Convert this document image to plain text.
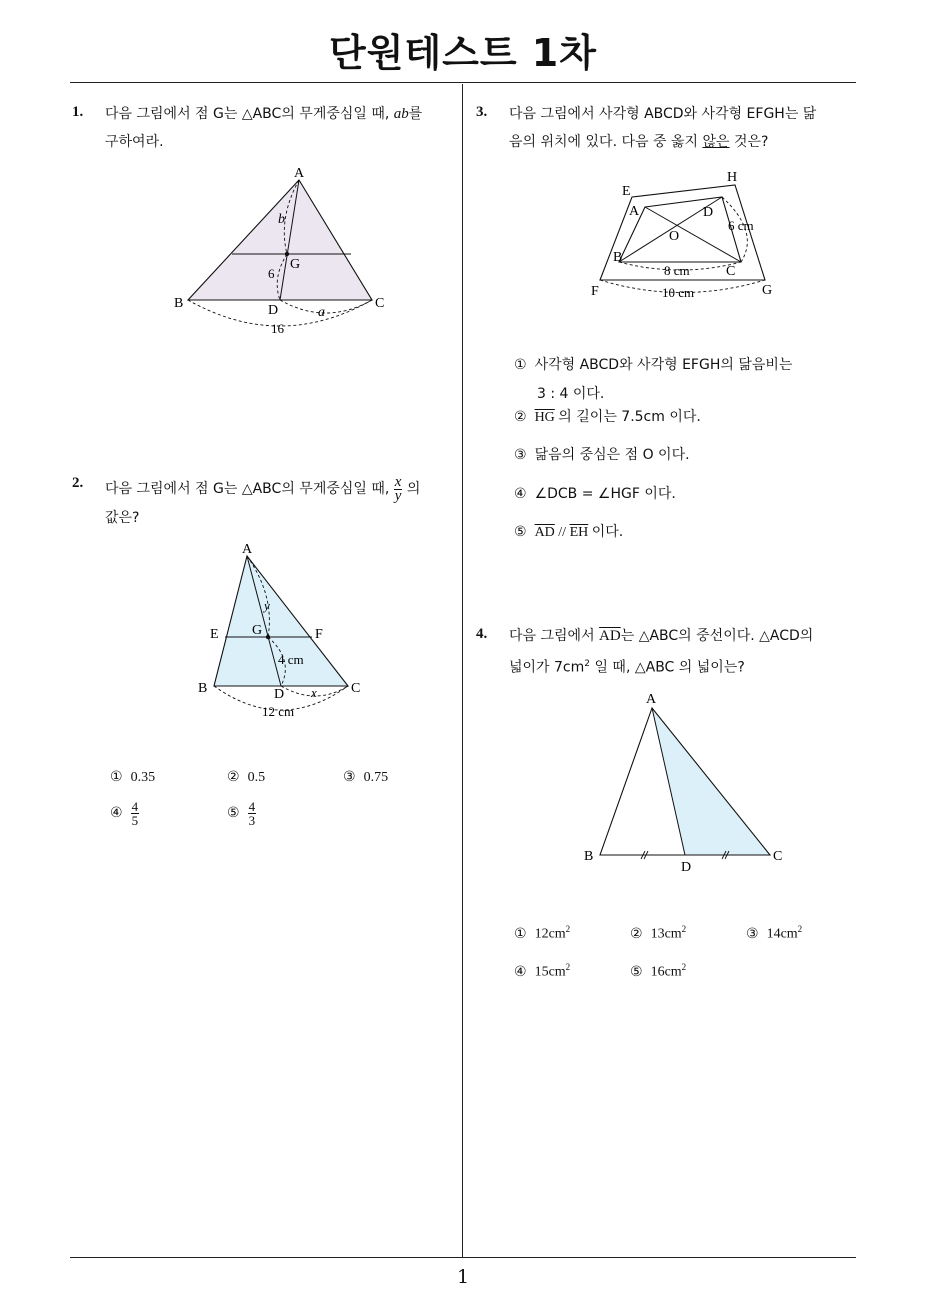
단원테스트 1차
1
1. 다음 그림에서 점 G는 △ABC의 무게중심일 때, ab를
구하여라.
A
B	C
D
G
b
6
a
16
2. 다음 그림에서 점 G는 △ABC의 무게중심일 때, $\frac{x}{y}$ 의
값은?
A
B	C
D
E	F
G
y
4 cm
x
12 cm
① 0.35	② 0.5	③ 0.75
④ $\frac{4}{5}$	⑤ $\frac{4}{3}$
3. 다음 그림에서 사각형 ABCD와 사각형 EFGH는 닮
음의 위치에 있다. 다음 중 옳지 않은 것은?
E
H
F	G
A	D
B
C
O
6 cm
8 cm
10 cm
① 사각형 ABCD와 사각형 EFGH의 닮음비는
3 : 4 이다.
② $\overline{HG}$ 의 길이는 7.5cm 이다.
③ 닮음의 중심은 점 O 이다.
④ ∠DCB = ∠HGF 이다.
⑤ $\overline{AD} // \overline{EH}$ 이다.
4. 다음 그림에서 $\overline{AD}$는 △ABC의 중선이다. △ACD의
넓이가 $7cm^2$ 일 때, △ABC 의 넓이는?
A
B	C
D
① $12cm^2$	② $13cm^2$	③ $14cm^2$
④ $15cm^2$	⑤ $16cm^2$
